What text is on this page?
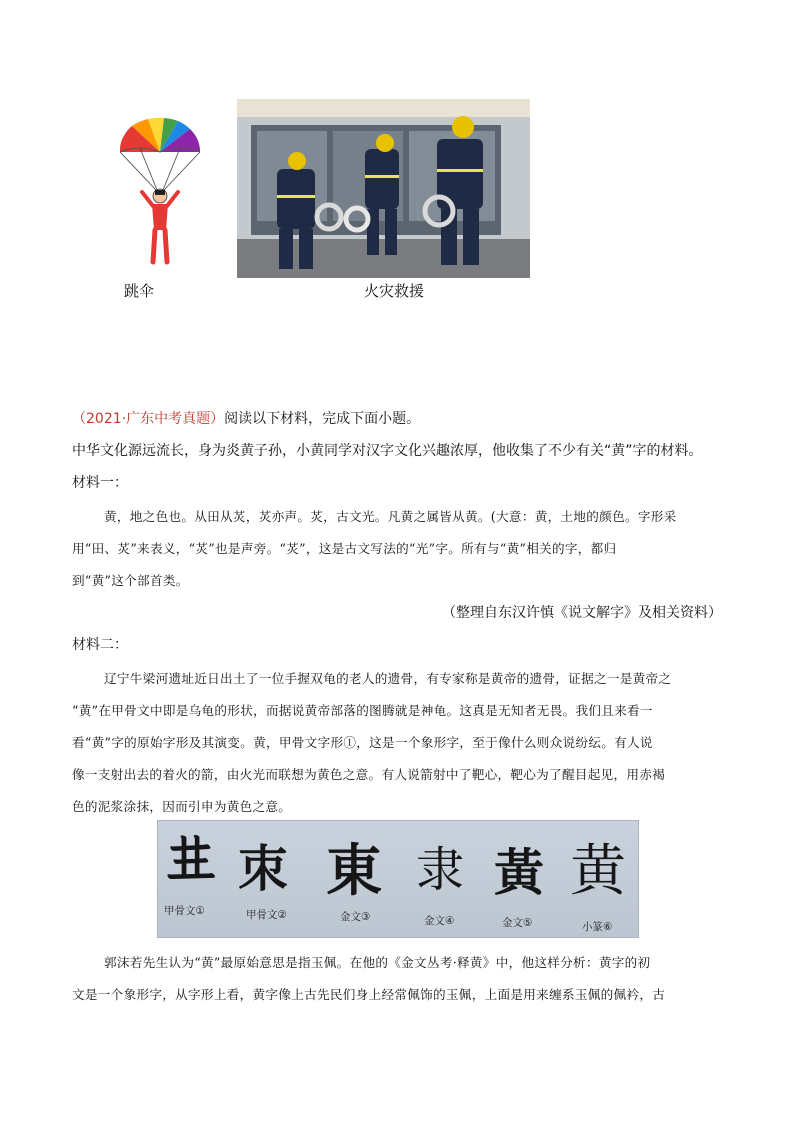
跳伞	火灾救援
（2021·广东中考真题）阅读以下材料，完成下面小题。
中华文化源远流长，身为炎黄子孙，小黄同学对汉字文化兴趣浓厚，他收集了不少有关“黄”字的材料。
材料一：
黄，地之色也。从田从炗，炗亦声。炗，古文光。凡黄之属皆从黄。(大意：黄，土地的颜色。字形采
用“田、炗”来表义，“炗”也是声旁。“炗”，这是古文写法的“光”字。所有与“黄”相关的字，都归
到“黄”这个部首类。
（整理自东汉许慎《说文解字》及相关资料）
材料二：
辽宁牛梁河遗址近日出土了一位手握双龟的老人的遗骨，有专家称是黄帝的遗骨，证据之一是黄帝之
“黄”在甲骨文中即是乌龟的形状，而据说黄帝部落的图腾就是神龟。这真是无知者无畏。我们且来看一
看“黄”字的原始字形及其演变。黄，甲骨文字形①，这是一个象形字，至于像什么则众说纷纭。有人说
像一支射出去的着火的箭，由火光而联想为黄色之意。有人说箭射中了靶心，靶心为了醒目起见，用赤褐
色的泥浆涂抹，因而引申为黄色之意。
𠀎 朿 東 隶 黃 黄
甲骨文①	甲骨文②	金文③	金文④	金文⑤	小篆⑥
郭沫若先生认为“黄”最原始意思是指玉佩。在他的《金文丛考·释黄》中，他这样分析：黄字的初
文是一个象形字，从字形上看，黄字像上古先民们身上经常佩饰的玉佩，上面是用来缠系玉佩的佩衿，古
